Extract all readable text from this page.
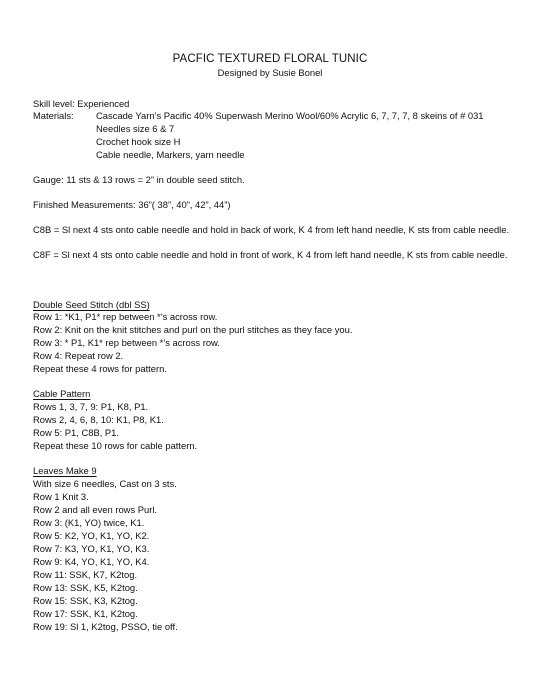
PACFIC TEXTURED FLORAL TUNIC
Designed by Susie Bonel
Skill level: Experienced
Materials: Cascade Yarn’s Pacific 40% Superwash Merino Wool/60% Acrylic 6, 7, 7, 7, 8 skeins of # 031
Needles size 6 & 7
Crochet hook size H
Cable needle, Markers, yarn needle
Gauge: 11 sts & 13 rows = 2” in double seed stitch.
Finished Measurements: 36”( 38”, 40”, 42”, 44”)
C8B = Sl next 4 sts onto cable needle and hold in back of work, K 4 from left hand needle, K sts from cable needle.
C8F = Sl next 4 sts onto cable needle and hold in front of work, K 4 from left hand needle, K sts from cable needle.
Double Seed Stitch (dbl SS)
Row 1: *K1, P1* rep between *’s across row.
Row 2: Knit on the knit stitches and purl on the purl stitches as they face you.
Row 3: * P1, K1* rep between *’s across row.
Row 4: Repeat row 2.
Repeat these 4 rows for pattern.
Cable Pattern
Rows 1, 3, 7, 9: P1, K8, P1.
Rows 2, 4, 6, 8, 10: K1, P8, K1.
Row 5: P1, C8B, P1.
Repeat these 10 rows for cable pattern.
Leaves Make 9
With size 6 needles, Cast on 3 sts.
Row 1 Knit 3.
Row 2 and all even rows Purl.
Row 3: (K1, YO) twice, K1.
Row 5: K2, YO, K1, YO, K2.
Row 7: K3, YO, K1, YO, K3.
Row 9: K4, YO, K1, YO, K4.
Row 11: SSK, K7, K2tog.
Row 13: SSK, K5, K2tog.
Row 15: SSK, K3, K2tog.
Row 17: SSK, K1, K2tog.
Row 19: Sl 1, K2tog, PSSO, tie off.
